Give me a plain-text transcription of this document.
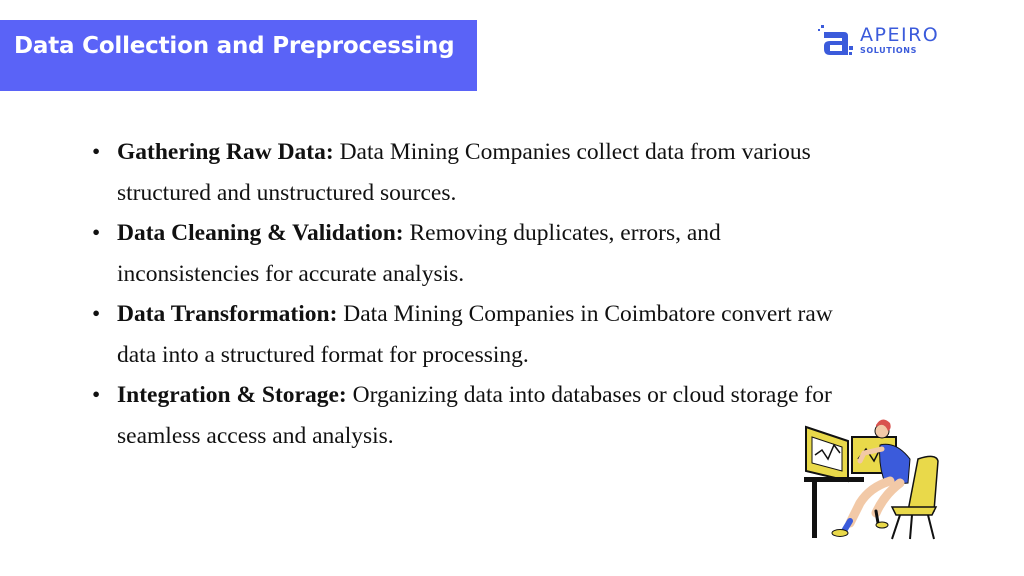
Data Collection and Preprocessing	APEIRO
SOLUTIONS
• Gathering Raw Data: Data Mining Companies collect data from various structured and unstructured sources.
• Data Cleaning & Validation: Removing duplicates, errors, and inconsistencies for accurate analysis.
• Data Transformation: Data Mining Companies in Coimbatore convert raw data into a structured format for processing.
• Integration & Storage: Organizing data into databases or cloud storage for seamless access and analysis.
